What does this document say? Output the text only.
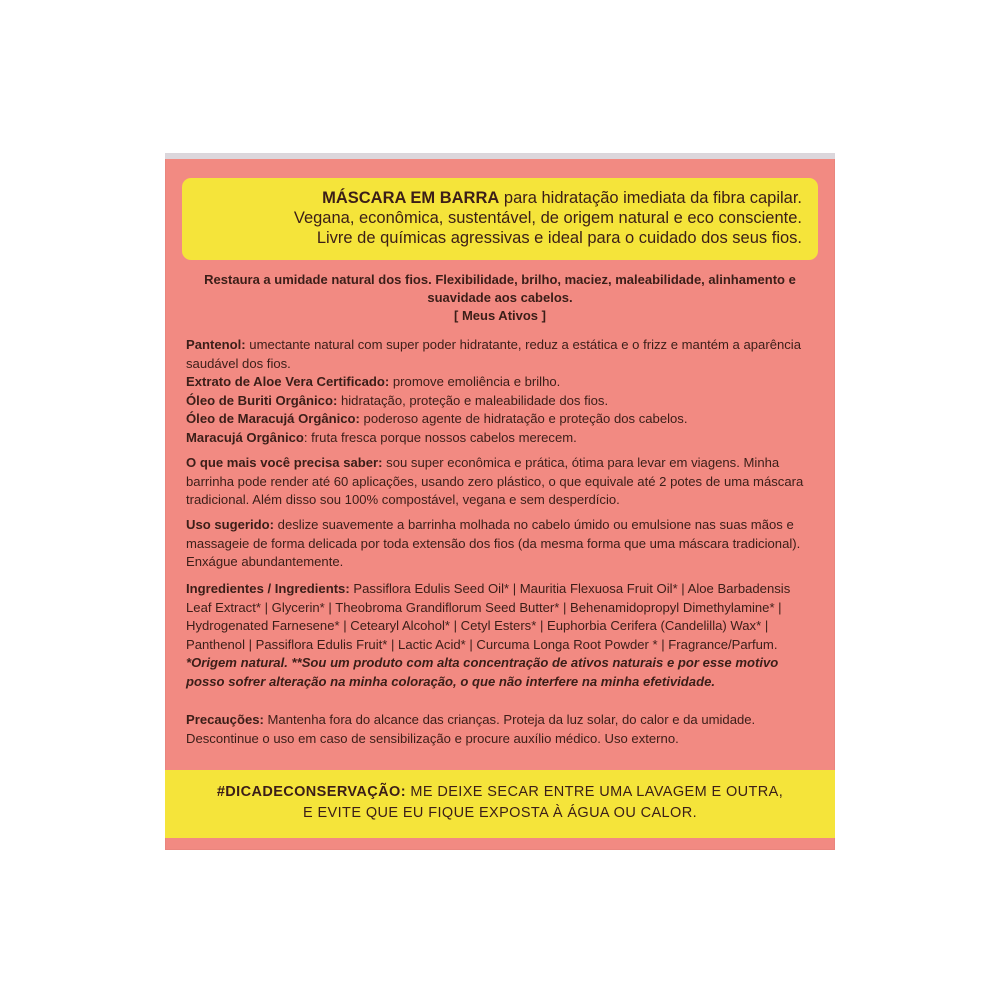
MÁSCARA EM BARRA para hidratação imediata da fibra capilar.
Vegana, econômica, sustentável, de origem natural e eco consciente.
Livre de químicas agressivas e ideal para o cuidado dos seus fios.
Restaura a umidade natural dos fios. Flexibilidade, brilho, maciez, maleabilidade, alinhamento e suavidade aos cabelos.
[ Meus Ativos ]
Pantenol: umectante natural com super poder hidratante, reduz a estática e o frizz e mantém a aparência saudável dos fios.
Extrato de Aloe Vera Certificado: promove emoliência e brilho.
Óleo de Buriti Orgânico: hidratação, proteção e maleabilidade dos fios.
Óleo de Maracujá Orgânico: poderoso agente de hidratação e proteção dos cabelos.
Maracujá Orgânico: fruta fresca porque nossos cabelos merecem.
O que mais você precisa saber: sou super econômica e prática, ótima para levar em viagens. Minha barrinha pode render até 60 aplicações, usando zero plástico, o que equivale até 2 potes de uma máscara tradicional. Além disso sou 100% compostável, vegana e sem desperdício.
Uso sugerido: deslize suavemente a barrinha molhada no cabelo úmido ou emulsione nas suas mãos e massageie de forma delicada por toda extensão dos fios (da mesma forma que uma máscara tradicional). Enxágue abundantemente.
Ingredientes / Ingredients: Passiflora Edulis Seed Oil* | Mauritia Flexuosa Fruit Oil* | Aloe Barbadensis Leaf Extract* | Glycerin* | Theobroma Grandiflorum Seed Butter* | Behenamidopropyl Dimethylamine* | Hydrogenated Farnesene* | Cetearyl Alcohol* | Cetyl Esters* | Euphorbia Cerifera (Candelilla) Wax* | Panthenol | Passiflora Edulis Fruit* | Lactic Acid* | Curcuma Longa Root Powder * | Fragrance/Parfum.
*Origem natural. **Sou um produto com alta concentração de ativos naturais e por esse motivo posso sofrer alteração na minha coloração, o que não interfere na minha efetividade.
Precauções: Mantenha fora do alcance das crianças. Proteja da luz solar, do calor e da umidade. Descontinue o uso em caso de sensibilização e procure auxílio médico. Uso externo.
#DICADECONSERVAÇÃO: ME DEIXE SECAR ENTRE UMA LAVAGEM E OUTRA,
E EVITE QUE EU FIQUE EXPOSTA À ÁGUA OU CALOR.
